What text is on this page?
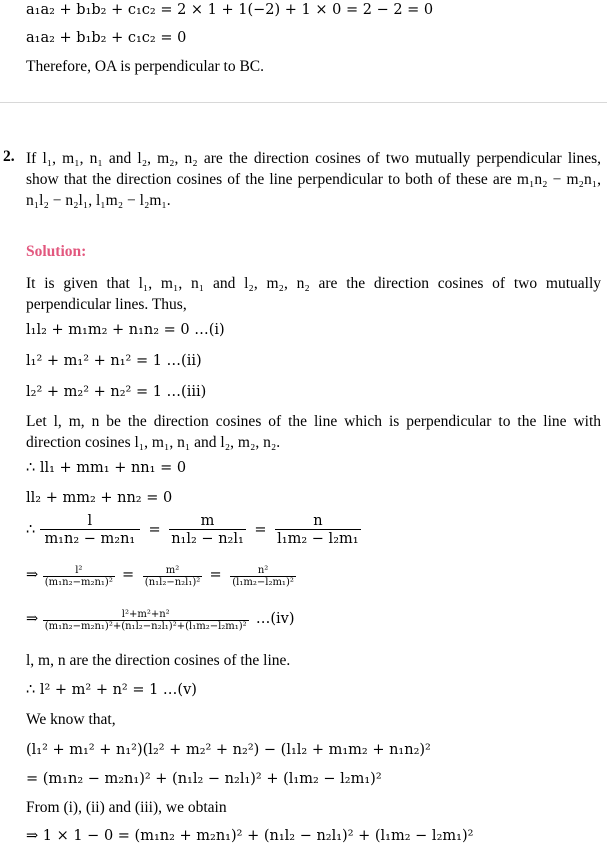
a₁a₂ + b₁b₂ + c₁c₂ = 2 × 1 + 1(−2) + 1 × 0 = 2 − 2 = 0
a₁a₂ + b₁b₂ + c₁c₂ = 0
Therefore, OA is perpendicular to BC.
2. If l₁, m₁, n₁ and l₂, m₂, n₂ are the direction cosines of two mutually perpendicular lines, show that the direction cosines of the line perpendicular to both of these are m₁n₂ − m₂n₁, n₁l₂ − n₂l₁, l₁m₂ − l₂m₁.
Solution:
It is given that l₁, m₁, n₁ and l₂, m₂, n₂ are the direction cosines of two mutually perpendicular lines. Thus,
l₁l₂ + m₁m₂ + n₁n₂ = 0 …(i)
l₁² + m₁² + n₁² = 1 …(ii)
l₂² + m₂² + n₂² = 1 …(iii)
Let l, m, n be the direction cosines of the line which is perpendicular to the line with direction cosines l₁, m₁, n₁ and l₂, m₂, n₂.
∴ ll₁ + mm₁ + nn₁ = 0
ll₂ + mm₂ + nn₂ = 0
∴ $\frac{l}{\text{m₁n₂ − m₂n₁}} = \frac{m}{\text{n₁l₂ − n₂l₁}} = \frac{n}{\text{l₁m₂ − l₂m₁}}$
⇒ $\frac{\text{l²}}{\text{(m₁n₂−m₂n₁)²}} = \frac{\text{m²}}{\text{(n₁l₂−n₂l₁)²}} = \frac{\text{n²}}{\text{(l₁m₂−l₂m₁)²}}$
⇒ $\frac{\text{l²+m²+n²}}{\text{(m₁n₂−m₂n₁)²+(n₁l₂−n₂l₁)²+(l₁m₂−l₂m₁)²}}$ …(iv)
l, m, n are the direction cosines of the line.
∴ l² + m² + n² = 1 …(v)
We know that,
(l₁² + m₁² + n₁²)(l₂² + m₂² + n₂²) − (l₁l₂ + m₁m₂ + n₁n₂)²
= (m₁n₂ − m₂n₁)² + (n₁l₂ − n₂l₁)² + (l₁m₂ − l₂m₁)²
From (i), (ii) and (iii), we obtain
⇒ 1 × 1 − 0 = (m₁n₂ + m₂n₁)² + (n₁l₂ − n₂l₁)² + (l₁m₂ − l₂m₁)²
